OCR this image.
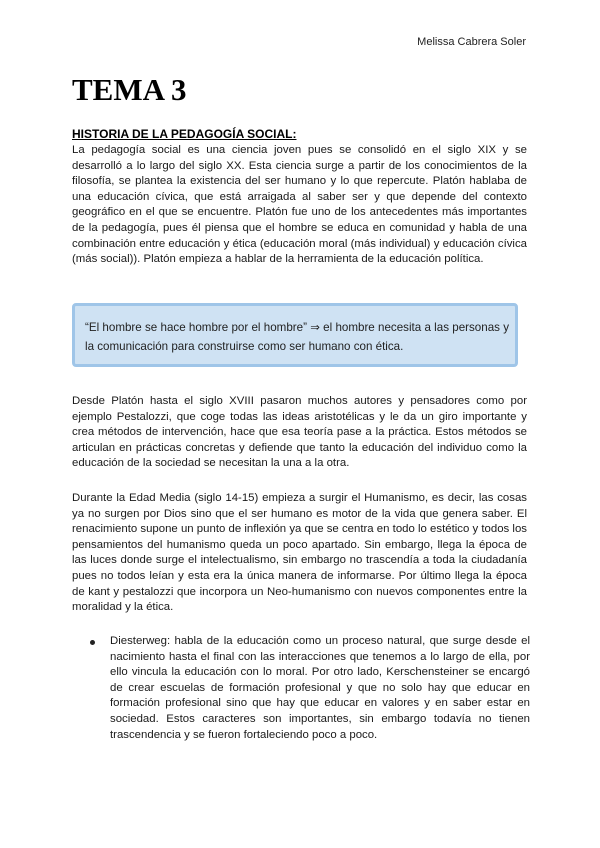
Melissa Cabrera Soler
TEMA 3
HISTORIA DE LA PEDAGOGÍA SOCIAL:

La pedagogía social es una ciencia joven pues se consolidó en el siglo XIX y se desarrolló a lo largo del siglo XX. Esta ciencia surge a partir de los conocimientos de la filosofía, se plantea la existencia del ser humano y lo que repercute. Platón hablaba de una educación cívica, que está arraigada al saber ser y que depende del contexto geográfico en el que se encuentre. Platón fue uno de los antecedentes más importantes de la pedagogía, pues él piensa que el hombre se educa en comunidad y habla de una combinación entre educación y ética (educación moral (más individual) y educación cívica (más social)). Platón empieza a hablar de la herramienta de la educación política.

“El hombre se hace hombre por el hombre” ⇒ el hombre necesita a las personas y la comunicación para construirse como ser humano con ética.

Desde Platón hasta el siglo XVIII pasaron muchos autores y pensadores como por ejemplo Pestalozzi, que coge todas las ideas aristotélicas y le da un giro importante y crea métodos de intervención, hace que esa teoría pase a la práctica. Estos métodos se articulan en prácticas concretas y defiende que tanto la educación del individuo como la educación de la sociedad se necesitan la una a la otra.

Durante la Edad Media (siglo 14-15) empieza a surgir el Humanismo, es decir, las cosas ya no surgen por Dios sino que el ser humano es motor de la vida que genera saber. El renacimiento supone un punto de inflexión ya que se centra en todo lo estético y todos los pensamientos del humanismo queda un poco apartado. Sin embargo, llega la época de las luces donde surge el intelectualismo, sin embargo no trascendía a toda la ciudadanía pues no todos leían y esta era la única manera de informarse. Por último llega la época de kant y pestalozzi que incorpora un Neo-humanismo con nuevos componentes entre la moralidad y la ética.

Diesterweg: habla de la educación como un proceso natural, que surge desde el nacimiento hasta el final con las interacciones que tenemos a lo largo de ella, por ello vincula la educación con lo moral. Por otro lado, Kerschensteiner se encargó de crear escuelas de formación profesional y que no solo hay que educar en formación profesional sino que hay que educar en valores y en saber estar en sociedad. Estos caracteres son importantes, sin embargo todavía no tienen trascendencia y se fueron fortaleciendo poco a poco.
